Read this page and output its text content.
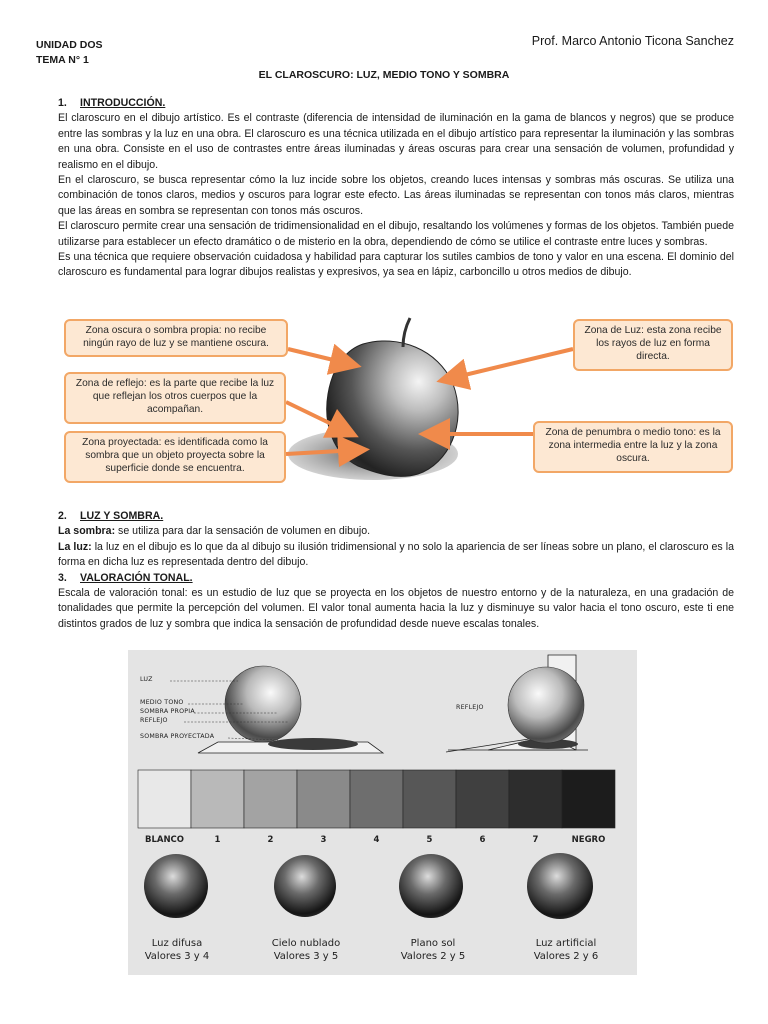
UNIDAD DOS
TEMA N° 1
Prof. Marco Antonio Ticona Sanchez
EL CLAROSCURO: LUZ, MEDIO TONO Y SOMBRA

1. INTRODUCCIÓN.

El claroscuro en el dibujo artístico. Es el contraste (diferencia de intensidad de iluminación en la gama de blancos y negros) que se produce entre las sombras y la luz en una obra. El claroscuro es una técnica utilizada en el dibujo artístico para representar la iluminación y las sombras en una obra. Consiste en el uso de contrastes entre áreas iluminadas y áreas oscuras para crear una sensación de volumen, profundidad y realismo en el dibujo.

En el claroscuro, se busca representar cómo la luz incide sobre los objetos, creando luces intensas y sombras más oscuras. Se utiliza una combinación de tonos claros, medios y oscuros para lograr este efecto. Las áreas iluminadas se representan con tonos más claros, mientras que las áreas en sombra se representan con tonos más oscuros.

El claroscuro permite crear una sensación de tridimensionalidad en el dibujo, resaltando los volúmenes y formas de los objetos. También puede utilizarse para establecer un efecto dramático o de misterio en la obra, dependiendo de cómo se utilice el contraste entre luces y sombras.

Es una técnica que requiere observación cuidadosa y habilidad para capturar los sutiles cambios de tono y valor en una escena. El dominio del claroscuro es fundamental para lograr dibujos realistas y expresivos, ya sea en lápiz, carboncillo u otros medios de dibujo.

Zona oscura o sombra propia: no recibe ningún rayo de luz y se mantiene oscura.
Zona de reflejo: es la parte que recibe la luz que reflejan los otros cuerpos que la acompañan.
Zona proyectada: es identificada como la sombra que un objeto proyecta sobre la superficie donde se encuentra.
Zona de Luz: esta zona recibe los rayos de luz en forma directa.
Zona de penumbra o medio tono: es la zona intermedia entre la luz y la zona oscura.

2. LUZ Y SOMBRA.

La sombra: se utiliza para dar la sensación de volumen en dibujo.

La luz: la luz en el dibujo es lo que da al dibujo su ilusión tridimensional y no solo la apariencia de ser líneas sobre un plano, el claroscuro es la forma en dicha luz es representada dentro del dibujo.

3. VALORACIÓN TONAL.

Escala de valoración tonal: es un estudio de luz que se proyecta en los objetos de nuestro entorno y de la naturaleza, en una gradación de tonalidades que permite la percepción del volumen. El valor tonal aumenta hacia la luz y disminuye su valor hacia el tono oscuro, este ti ene distintos grados de luz y sombra que indica la sensación de profundidad desde nueve escalas tonales.

LUZ
MEDIO TONO
SOMBRA PROPIA
REFLEJO
SOMBRA PROYECTADA
REFLEJO
BLANCO	1	2	3	4	5	6	7	NEGRO
Luz difusa
Valores 3 y 4
Cielo nublado
Valores 3 y 5
Plano sol
Valores 2 y 5
Luz artificial
Valores 2 y 6
